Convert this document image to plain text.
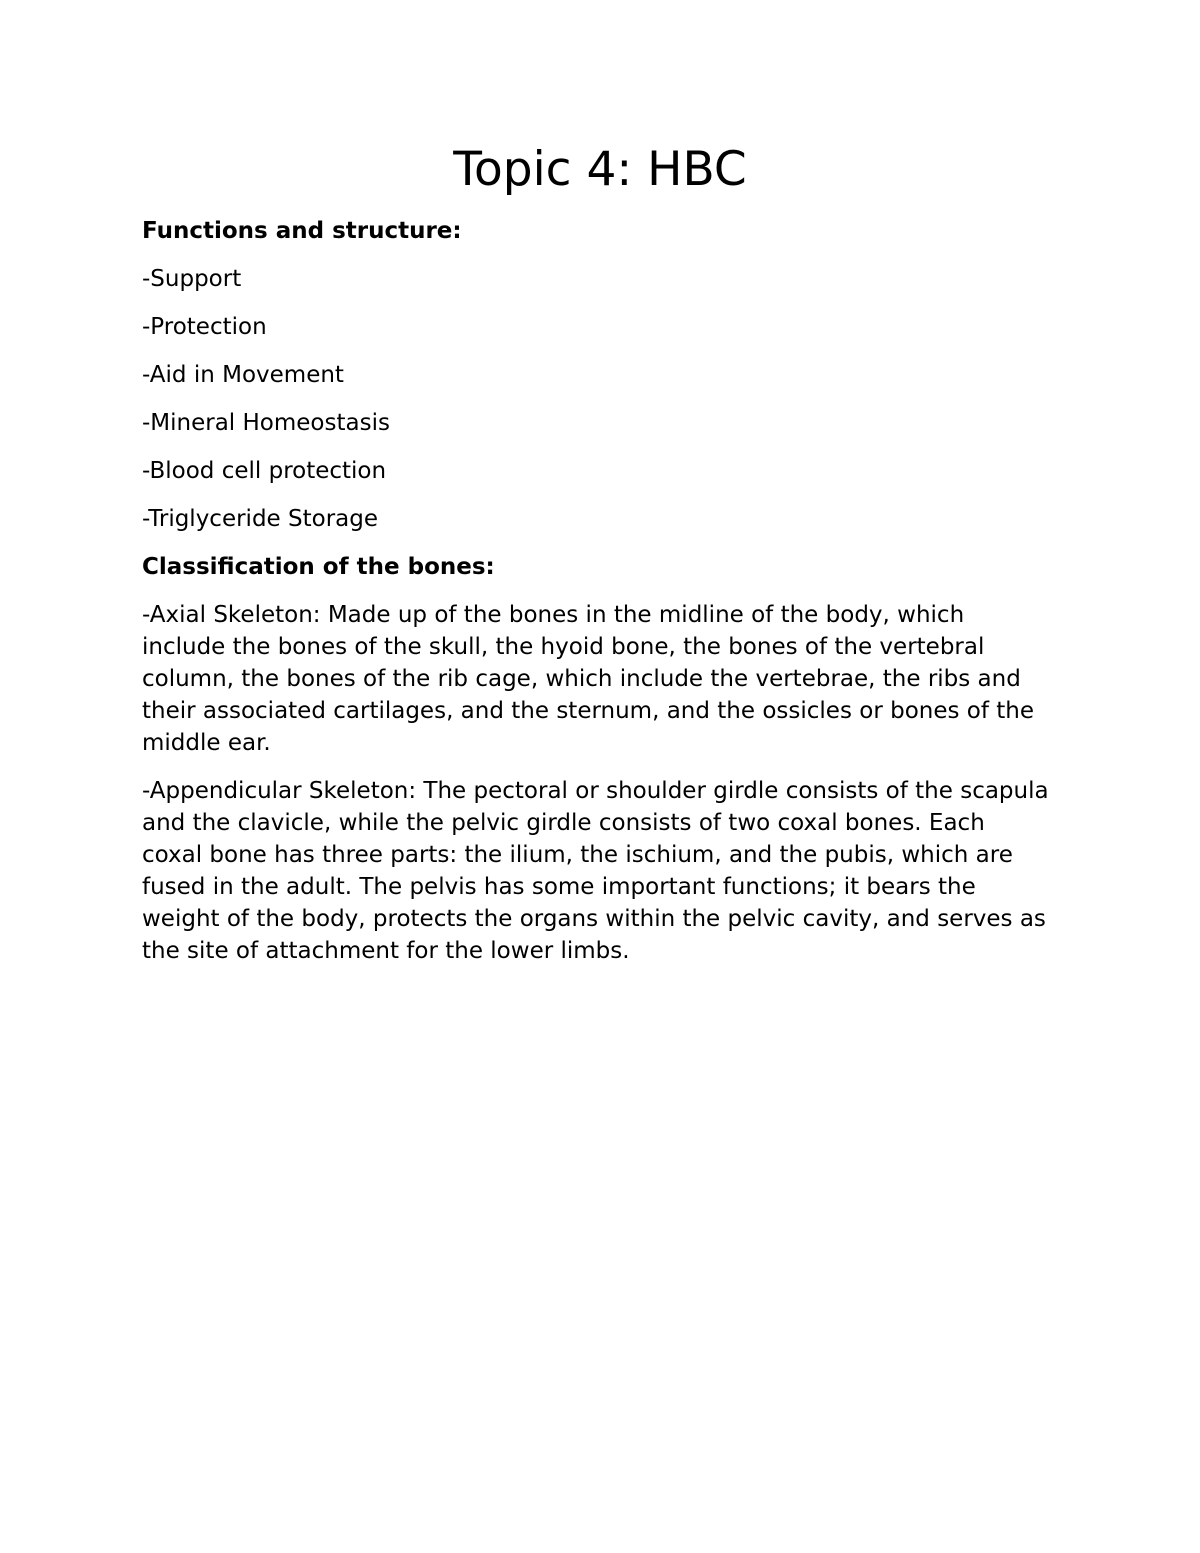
Topic 4: HBC

Functions and structure:

-Support
-Protection
-Aid in Movement
-Mineral Homeostasis
-Blood cell protection
-Triglyceride Storage

Classification of the bones:

-Axial Skeleton: Made up of the bones in the midline of the body, which include the bones of the skull, the hyoid bone, the bones of the vertebral column, the bones of the rib cage, which include the vertebrae, the ribs and their associated cartilages, and the sternum, and the ossicles or bones of the middle ear.

-Appendicular Skeleton: The pectoral or shoulder girdle consists of the scapula and the clavicle, while the pelvic girdle consists of two coxal bones. Each coxal bone has three parts: the ilium, the ischium, and the pubis, which are fused in the adult. The pelvis has some important functions; it bears the weight of the body, protects the organs within the pelvic cavity, and serves as the site of attachment for the lower limbs.
